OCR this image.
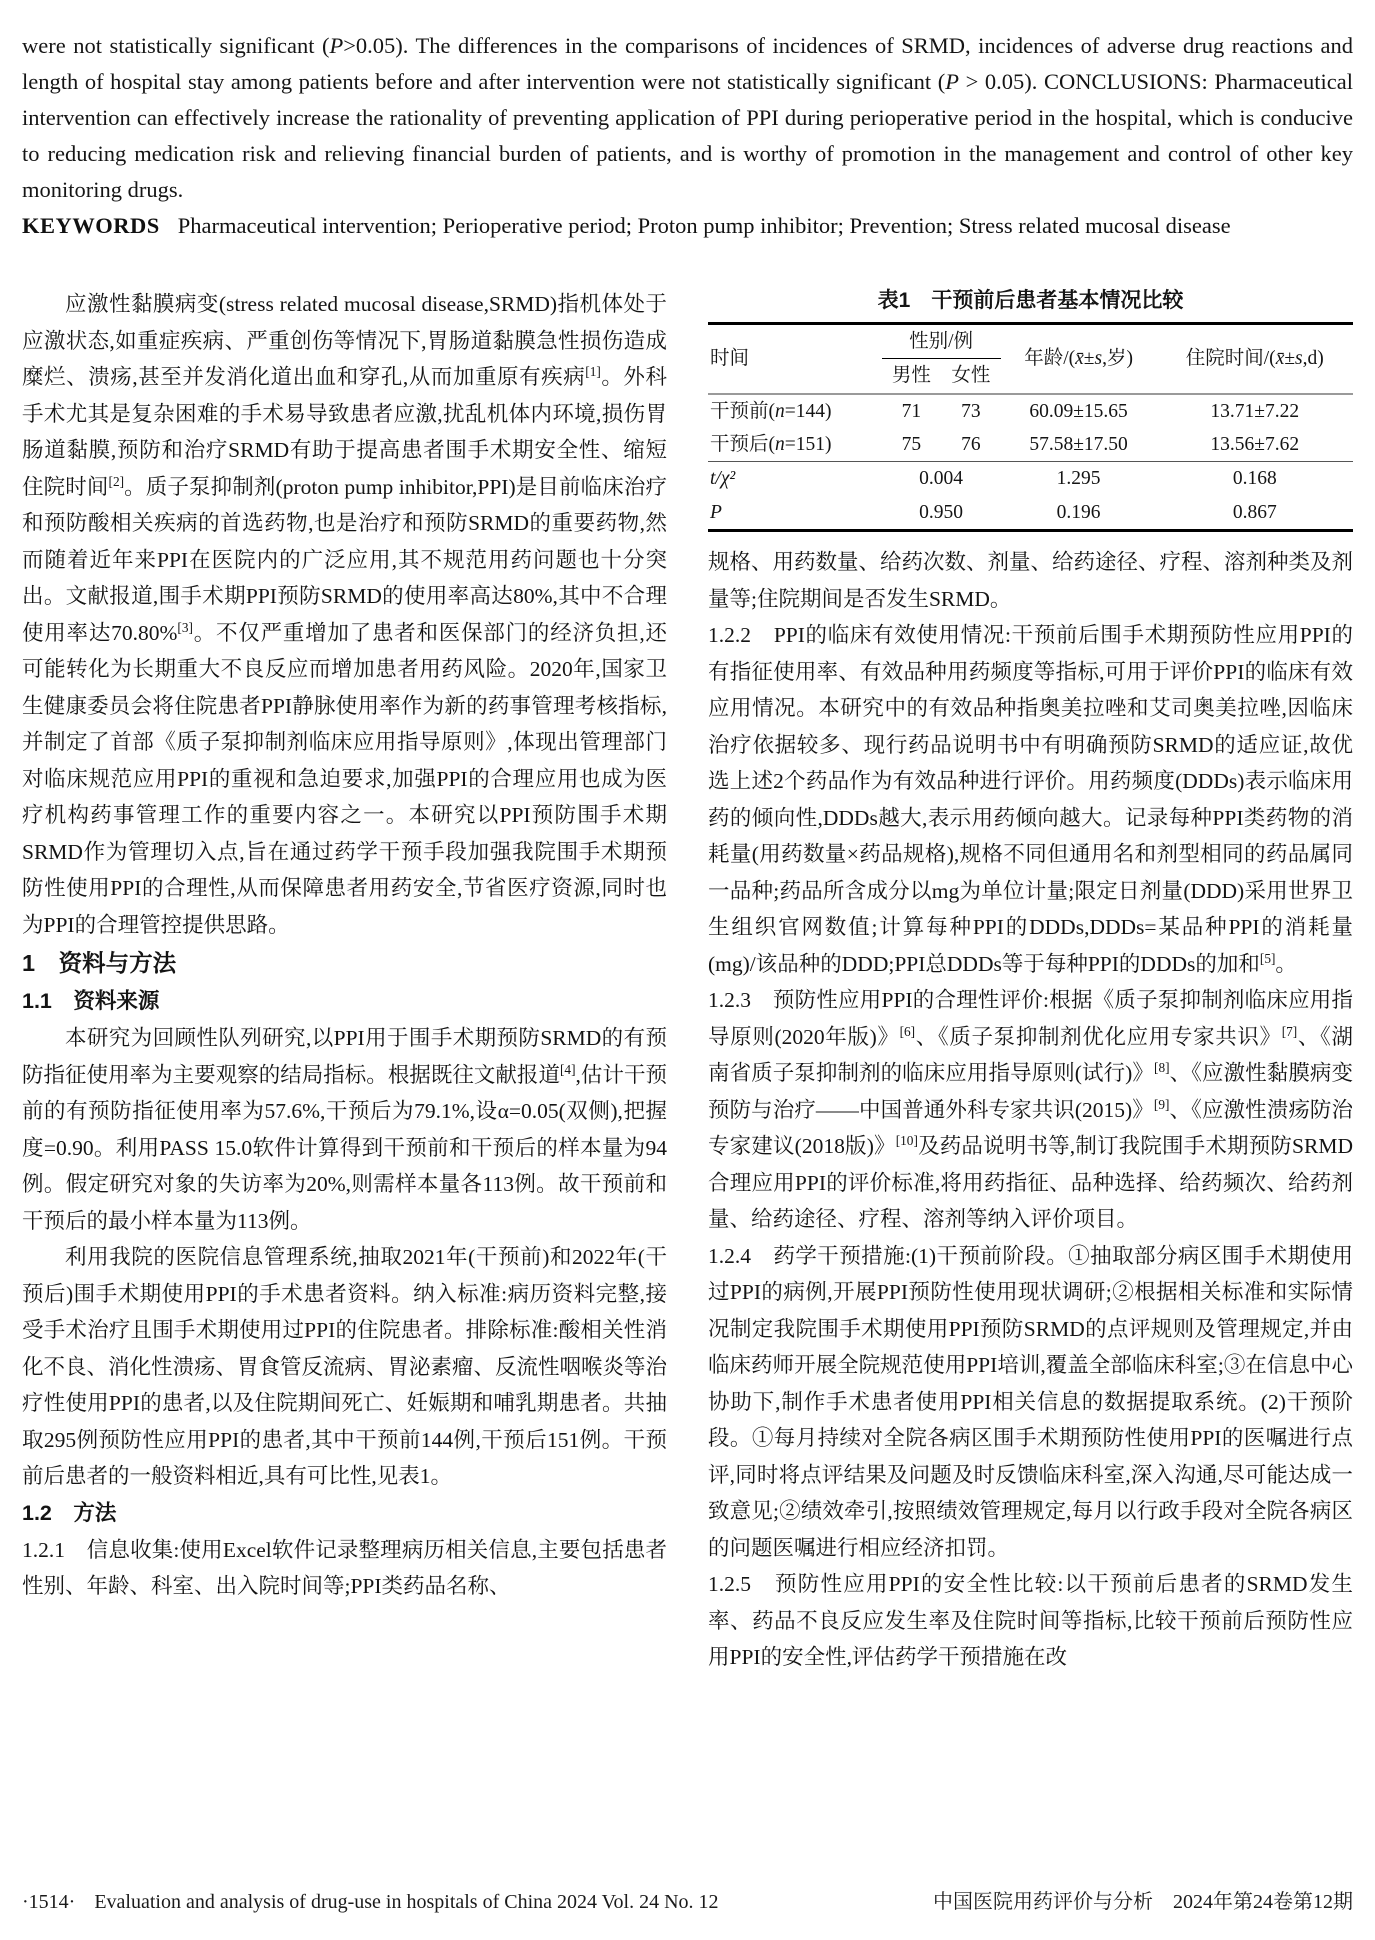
were not statistically significant (P>0.05). The differences in the comparisons of incidences of SRMD, incidences of adverse drug reactions and length of hospital stay among patients before and after intervention were not statistically significant (P > 0.05). CONCLUSIONS: Pharmaceutical intervention can effectively increase the rationality of preventing application of PPI during perioperative period in the hospital, which is conducive to reducing medication risk and relieving financial burden of patients, and is worthy of promotion in the management and control of other key monitoring drugs.

KEYWORDS Pharmaceutical intervention; Perioperative period; Proton pump inhibitor; Prevention; Stress related mucosal disease

应激性黏膜病变(stress related mucosal disease,SRMD)指机体处于应激状态,如重症疾病、严重创伤等情况下,胃肠道黏膜急性损伤造成糜烂、溃疡,甚至并发消化道出血和穿孔,从而加重原有疾病[1]。外科手术尤其是复杂困难的手术易导致患者应激,扰乱机体内环境,损伤胃肠道黏膜,预防和治疗SRMD有助于提高患者围手术期安全性、缩短住院时间[2]。质子泵抑制剂(proton pump inhibitor,PPI)是目前临床治疗和预防酸相关疾病的首选药物,也是治疗和预防SRMD的重要药物,然而随着近年来PPI在医院内的广泛应用,其不规范用药问题也十分突出。文献报道,围手术期PPI预防SRMD的使用率高达80%,其中不合理使用率达70.80%[3]。不仅严重增加了患者和医保部门的经济负担,还可能转化为长期重大不良反应而增加患者用药风险。2020年,国家卫生健康委员会将住院患者PPI静脉使用率作为新的药事管理考核指标,并制定了首部《质子泵抑制剂临床应用指导原则》,体现出管理部门对临床规范应用PPI的重视和急迫要求,加强PPI的合理应用也成为医疗机构药事管理工作的重要内容之一。本研究以PPI预防围手术期SRMD作为管理切入点,旨在通过药学干预手段加强我院围手术期预防性使用PPI的合理性,从而保障患者用药安全,节省医疗资源,同时也为PPI的合理管控提供思路。

1　资料与方法
1.1　资料来源

本研究为回顾性队列研究,以PPI用于围手术期预防SRMD的有预防指征使用率为主要观察的结局指标。根据既往文献报道[4],估计干预前的有预防指征使用率为57.6%,干预后为79.1%,设α=0.05(双侧),把握度=0.90。利用PASS 15.0软件计算得到干预前和干预后的样本量为94例。假定研究对象的失访率为20%,则需样本量各113例。故干预前和干预后的最小样本量为113例。

利用我院的医院信息管理系统,抽取2021年(干预前)和2022年(干预后)围手术期使用PPI的手术患者资料。纳入标准:病历资料完整,接受手术治疗且围手术期使用过PPI的住院患者。排除标准:酸相关性消化不良、消化性溃疡、胃食管反流病、胃泌素瘤、反流性咽喉炎等治疗性使用PPI的患者,以及住院期间死亡、妊娠期和哺乳期患者。共抽取295例预防性应用PPI的患者,其中干预前144例,干预后151例。干预前后患者的一般资料相近,具有可比性,见表1。

1.2　方法

1.2.1　信息收集:使用Excel软件记录整理病历相关信息,主要包括患者性别、年龄、科室、出入院时间等;PPI类药品名称、

表1　干预前后患者基本情况比较
时间	性别/例		年龄/(x̄±s,岁)	住院时间/(x̄±s,d)
	男性	女性		
干预前(n=144)	71	73	60.09±15.65	13.71±7.22
干预后(n=151)	75	76	57.58±17.50	13.56±7.62
t/χ²	0.004		1.295	0.168
P	0.950		0.196	0.867

规格、用药数量、给药次数、剂量、给药途径、疗程、溶剂种类及剂量等;住院期间是否发生SRMD。

1.2.2　PPI的临床有效使用情况:干预前后围手术期预防性应用PPI的有指征使用率、有效品种用药频度等指标,可用于评价PPI的临床有效应用情况。本研究中的有效品种指奥美拉唑和艾司奥美拉唑,因临床治疗依据较多、现行药品说明书中有明确预防SRMD的适应证,故优选上述2个药品作为有效品种进行评价。用药频度(DDDs)表示临床用药的倾向性,DDDs越大,表示用药倾向越大。记录每种PPI类药物的消耗量(用药数量×药品规格),规格不同但通用名和剂型相同的药品属同一品种;药品所含成分以mg为单位计量;限定日剂量(DDD)采用世界卫生组织官网数值;计算每种PPI的DDDs,DDDs=某品种PPI的消耗量(mg)/该品种的DDD;PPI总DDDs等于每种PPI的DDDs的加和[5]。

1.2.3　预防性应用PPI的合理性评价:根据《质子泵抑制剂临床应用指导原则(2020年版)》[6]、《质子泵抑制剂优化应用专家共识》[7]、《湖南省质子泵抑制剂的临床应用指导原则(试行)》[8]、《应激性黏膜病变预防与治疗——中国普通外科专家共识(2015)》[9]、《应激性溃疡防治专家建议(2018版)》[10]及药品说明书等,制订我院围手术期预防SRMD合理应用PPI的评价标准,将用药指征、品种选择、给药频次、给药剂量、给药途径、疗程、溶剂等纳入评价项目。

1.2.4　药学干预措施:(1)干预前阶段。①抽取部分病区围手术期使用过PPI的病例,开展PPI预防性使用现状调研;②根据相关标准和实际情况制定我院围手术期使用PPI预防SRMD的点评规则及管理规定,并由临床药师开展全院规范使用PPI培训,覆盖全部临床科室;③在信息中心协助下,制作手术患者使用PPI相关信息的数据提取系统。(2)干预阶段。①每月持续对全院各病区围手术期预防性使用PPI的医嘱进行点评,同时将点评结果及问题及时反馈临床科室,深入沟通,尽可能达成一致意见;②绩效牵引,按照绩效管理规定,每月以行政手段对全院各病区的问题医嘱进行相应经济扣罚。

1.2.5　预防性应用PPI的安全性比较:以干预前后患者的SRMD发生率、药品不良反应发生率及住院时间等指标,比较干预前后预防性应用PPI的安全性,评估药学干预措施在改

·1514· Evaluation and analysis of drug-use in hospitals of China 2024 Vol. 24 No. 12	中国医院用药评价与分析　2024年第24卷第12期
